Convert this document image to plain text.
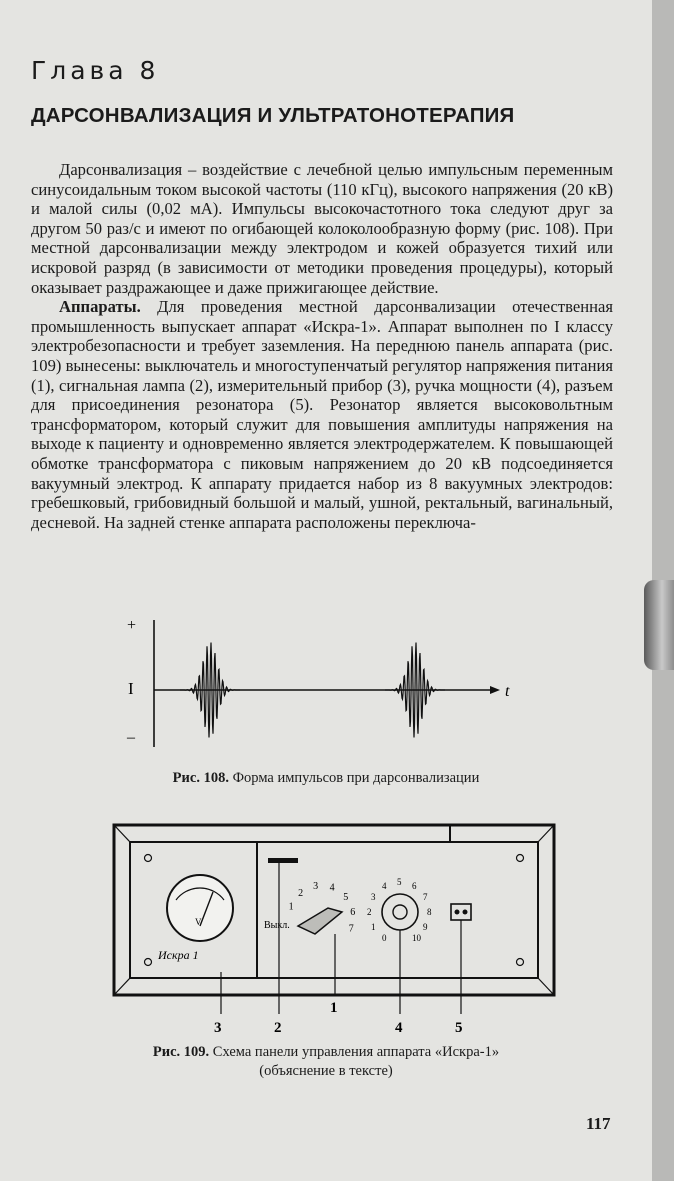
Глава 8
ДАРСОНВАЛИЗАЦИЯ И УЛЬТРАТОНОТЕРАПИЯ

Дарсонвализация – воздействие с лечебной целью импульсным переменным синусоидальным током высокой частоты (110 кГц), высокого напряжения (20 кВ) и малой силы (0,02 мА). Импульсы высокочастотного тока следуют друг за другом 50 раз/с и имеют по огибающей колоколообразную форму (рис. 108). При местной дарсонвализации между электродом и кожей образуется тихий или искровой разряд (в зависимости от методики проведения процедуры), который оказывает раздражающее и даже прижигающее действие.

Аппараты. Для проведения местной дарсонвализации отечественная промышленность выпускает аппарат «Искра-1». Аппарат выполнен по I классу электробезопасности и требует заземления. На переднюю панель аппарата (рис. 109) вынесены: выключатель и многоступенчатый регулятор напряжения питания (1), сигнальная лампа (2), измерительный прибор (3), ручка мощности (4), разъем для присоединения резонатора (5). Резонатор является высоковольтным трансформатором, который служит для повышения амплитуды напряжения на выходе к пациенту и одновременно является электродержателем. К повышающей обмотке трансформатора с пиковым напряжением до 20 кВ подсоединяется вакуумный электрод. К аппарату придается набор из 8 вакуумных электродов: гребешковый, грибовидный большой и малый, ушной, ректальный, вагинальный, десневой. На задней стенке аппарата расположены переключа-

+
I
–
t
Рис. 108. Форма импульсов при дарсонвализации
V
Искра 1
Выкл.
1
2
3 4
5
6
7
0
1
2
3
4 5 6
7
8
9
10
3	2
1
4	5
Рис. 109. Схема панели управления аппарата «Искра-1»
(объяснение в тексте)
117
